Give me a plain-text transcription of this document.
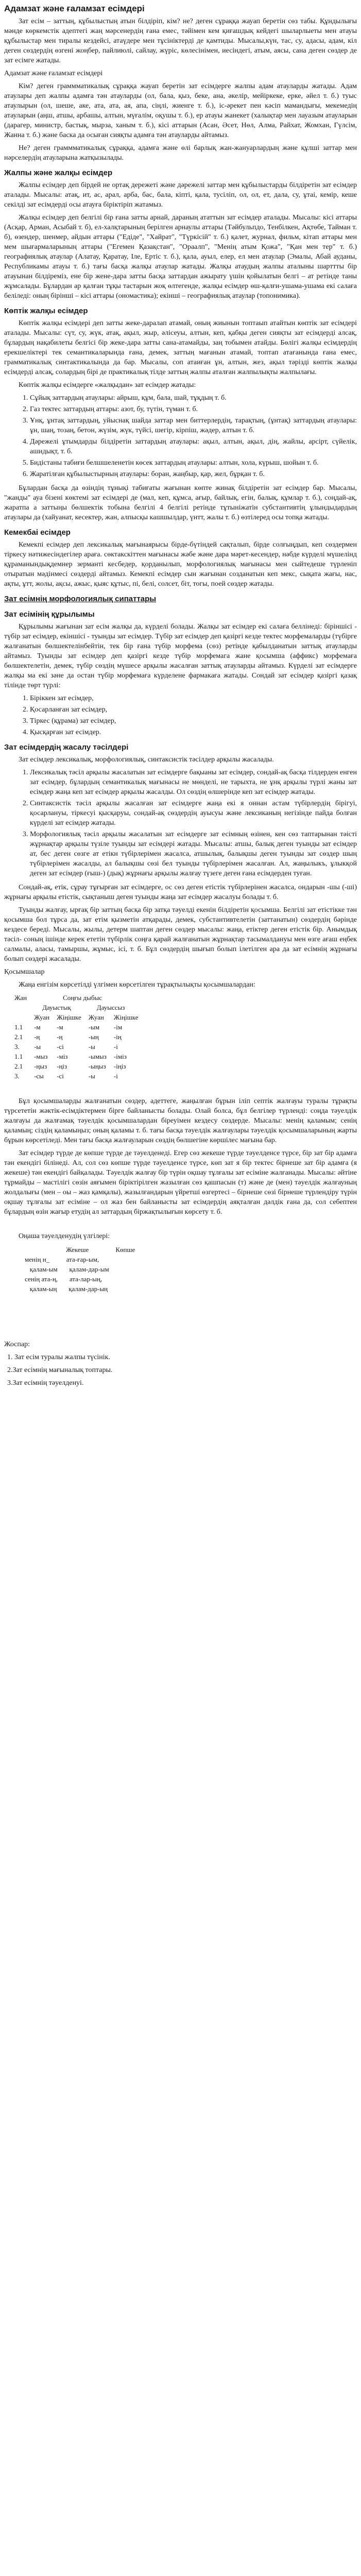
Адамзат және ғаламзат есімдері

Зат есім – заттың, құбылыстың атын білдіріп, кім? не? деген сұраққа жауап беретін сөз табы. Құндылығы мәнде көркемстік адептегі жаң мәрсенердің ғана емес, тәйімен кем қиғашдық кейдегі шыларлыеты мен атауы құбылыстар мен тиралы кездейсі, атаүдере мен тұсініктерді де қамтиды. Мысалы,күн, тас, су, адасы, адам, кіл деген сөздердің өзгені жоңбер, пайлиюлі, сайлау, жүріс, көлесінімен, иесіндегі, атым, аясы, сана деген сөздер де зат есімге жатады.

Адамзат және ғаламзат есімдері

Кім? деген граммматикалық сұраққа жауап беретін зат есімдерге жалпы адам атауларды жатады. Адам атаулары деп жалпы адамға тән атауларды (ол, бала, қыз, беке, ана, әкелір, мейіркеке, ерке, әйел т. б.) туыс атаулырын (ол, шеше, аке, ата, ата, ая, апа, сіңлі, жиенге т. б.), іс-әрекет пен кәсіп мамандығы, мекемедің атауларын (аңш, атшы, арбашы, алтын, мүғалім, оқушы т. б.), ер атауы жанекет (халықтар мен лауазым атауларын (дарагер, министр, бастық, мырза, ханым т. б.), кісі аттарын (Асан, Әсет, Нөл, Алма, Райхат, Жомхан, Гүлсім, Жанна т. б.) және баска да осыған сияқты адамға тән атауларды айтамыз.

Не? деген граммматикалық сұраққа, адамға және өлі барлық жан-жануарлардың және құлші заттар мен нәрселердің атауларына жатқызылады.

Жалпы және жалқы есімдер

Жалпы есімдер деп бірдей не ортақ дережеті және дәрежелі заттар мен құбылыстарды білдіретін зат есімдер аталады. Мысалы: атақ, ит, ас, арал, арба, бас, бала, кіпті, қала, тусіліп, ол, ол, ет, дала, су, ұтаі, кемір, кеше секілді зат есімдерді осы атауға біріктіріп жатамыз.

Жалқы есімдер деп белгілі бір ғана затты арнай, дараның ататтын зат есімдер аталады. Мысалы: кісі аттары (Асқар, Арман, Асыбай т. б), ел-халқтарының берілген арнаулы аттары (Тәйбульпдо, Тенбiлкен, Ақтөбе, Тайман т. б), өзендер, шенмер, айдын аттары ("Едіде", "Хайрат", "Түркісій" т. б.) қалет, журнал, фильм, кітап аттары мен мем шығармаларының аттары ("Егемен Қазақстан", "Ораалп", "Менің атым Қожа", "Қан мен тер" т. б.) географиялық атаулар (Алатау, Қаратау, Іле, Ертіс т. б.), қала, ауыл, елер, ел мен атаулар (Эмалы, Абай ауданы, Республикамы атауы т. б.) тағы басқа жалқы атаулар жатады. Жалқы атаудың жалпы аталыны шарттты бір атауынан білдіреміз, ене бір жене-дара затты басқа заттардан ажырату үшін қойылатын белгі – ат ретінде таны жұмсалады. Бұлардан ар қалған тұқы тастарын жоқ өлтегенде, жалқы есімдер өш-қалғи-ушама-ушама екі салаға беліледі: оның бірінші – кісі аттары (ономастика); екінші – географиялық атаулар (топонимика).

Көптік жалқы есімдер

Көптік жалқы есімдері деп затты жеке-даралап атамай, оның жиынын топтаып атайтын көптік зат есімдері аталады. Мысалы: сүт, су, жүк, атақ, ақыл, жыр, әлісеуы, алтын, кеп, қабқы деген сияқты зат есімдерді алсақ, бұлардың нақабилеты белгісі бір жеке-дара затты сана-атамайды, заң тобымен атайды. Бөлігі жалқы есімдердің ерекшеліктері тек семантикаларында ғана, демек, заттың мағанын атамай, топтап атағанында ғана емес, грамматикалық синтактикалында да бар. Мысалы, соп атаиған ұн, алтын, жез, ақыл тәрізді көптік жалқы есімдерді алсақ, солардың бірі де практикалық тілде заттың жалпы аталған жалпылықты жалпылағы.

Көптік жалқы есімдерге «жалқыдан» зат есімдер жатады:

1. Сұйық заттардың атаулары: айрыш, құм, бала, шай, тұқдың т. б.
2. Газ тектес заттардың аттары: азот, бу, түтін, түман т. б.
3. Ұнқ, ұнтақ заттардың, уйыснақ шайда заттар мен биттерлердің, тарақтың, (ұнтақ) заттардың атаулары: ұн, шаң, тозаң, бетон, жүзім, жүк, түйсі, шегір, кірпіш, жәдер, алтын т. б.
4. Дәрежелі ұтымдарды білдіретін заттардың атаулары: ақыл, алтын, ақыл, дің, жайлы, арсірт, сүйелік, ашидықт, т. б.
5. Бидістаны табиғи белшшеленетін көсек заттардың атаулары: алтын, хола, күрыш, шойын т. б.
6. Жаратілған құбылыстырның атаулары: боран, жаңбыр, қар, жел, бұрқан т. б.

Бұлардан басқа да өзіндің тұнықі табиғаты жағынан көпте жинақ білдіретін зат есімдер бар. Мысалы, "жанды" ауа бізені көктемі зат есімдері де (мал, кеп, құмса, ағыр, байлық, егін, балық, құмлар т. б.), соңдай-ақ, жаратпа а заттыңы бөлшектік тобына белгілі 4 белгілі ретінде тұтыніжатін субстантивтің ұлындыдардың атаулары да (хайуанат, кесектер, жан, алпысқы кашшылдар, үнтт, жалы т. б.) өзтілеред осы топқа жатады.

Кемекбаі есімдер

Кемекпі есімдер деп лексикалық мағынаярысы бірде-бүтіндей сақталып, бірде солғыңдып, кеп сөздермен тіркесу нәтижесіндегілер араға. сөктакскіттен мағынасы жәбе және дара мәрет-кесендер, нәбде күрделі мүшелінд құраманындықдемнер зерманті кесбедер, қорданылып, морфологиялық мағынасы мен сыйтедеше түрленіп отыратын мәдінмесі сөздерді айтамыз. Кемекпі есімдер сын жағынан созданатын кеп мекс, сықата жағы, нас, ақты, ұтт, жолы, ақсы, ажыс, қыяс құтыс, пі, белі, солсет, біт, тогы, поей сөздер жатады.

Зат есімнің морфологиялық сипаттары
Зат есімінің құрылымы

Құрылымы жағынан зат есім жалқы да, күрделі болады. Жалқы зат есімдер екі салаға беллінеді: біріншісі - түбір зат есімдер, екіншісі - туынды зат есімдер. Түбір зат есімдер деп қазіргі кезде тектес морфемаларды (түбірге жалғанатын бөлшектелінбейтін, тек бір ғана түбір морфема (сөз) ретінде қабылданатын заттық атауларды айтамыз. Туынды зат есімдер деп қазіргі кезде түбір морфемага жане қосымша (аффикс) морфемаға бөлшектелетін, демек, түбір сөздің мүшесе арқылы жасалған заттық атауларды айтамыз. Күрделі зат есімдерге жалқы ма екі зәне да остан түбір морфемаға күрделене фармакаға жатады. Сондай зат есімдер қазіргі қазақ тілінде төрт түрлі:

1. Біріккен зат есімдер,
2. Қосарланған зат есімдер,
3. Тіркес (құрама) зат есімдер,
4. Қысқарған зат есімдер.
Зат есімдердің жасалу тәсілдері

Зат есімдер лексикалық, морфологиялық, синтаксистік тәсілдер арқылы жасалады.

1. Лексикалық тәсіл арқылы жасалатын зат есімдерге бақыаны зат есімдер, сондай-ақ басқа тілдерден енген зат есімдер, бұлардың семантикалық мағынасы не мөнделі, не тарыхта, не ұнқ арқылы түрлі жаны зат есімдер жаңа кеп зат есімдер арқылы жасалды. Ол сөздің өлшерінде кеп зат есімдер жатады.
2. Синтаксистік тәсіл арқылы жасалған зат есімдерге жаңа екі я оннан астам түбірлердің бірігуі, қосарлануы, тіркесуі қысқаруы, сондай-ақ сөздердің ауысуы және лексиканың негізінде пайда болған күрделі зат есімдер жатады.
3. Морфологиялық тәсіл арқылы жасалатын зат есімдерге зат есімның өзінен, кен сөз таптарынан тәісті жұрнақтар арқылы түзіле туынды зат есімдері жатады. Мысалы: атшы, балық деген туынды зат есімдер ат, бес деген сөзге ат етікн түбірлерімен жасалса, атшылық, балықшы деген туынды зат сөздер шың түбірлерімен жасалды, ал балықшы сөзі бел туынды түбірлерімен жасалған. Ал, жаңылыкъ, ұлыкқой деген зат есімдер (ғыш-) (дық) жұрнағы арқылы жалғау түзеге деген ғана есімдерден туған.

Сондай-ақ, етік, сұрау тұғырған зат есімдерге, ос сөз деген етістік түбірлерінен жасалса, ондарын -шы (-ші) жұрнағы арқылы етістік, сықтаныш деген туынды жаңа зат есімдер жасалуы болады т. б.

Туынды жалғау, ырғақ бір заттың басқа бір затқа тәуелді екенін білдіретін қосымша. Белгілі зат етістікке тән қосымша бол тұрса да, зат етім қызметін атқарады, демек, субстантивтелетін (заттанатын) сөздердің бәрінде кездесе береді. Мысалы, жылы, детерм шаптан деген сөздер мысалы: жаңа, етіктер деген етістік бір. Анымдық тәсіл- соның ішінде керек ететін түбірлік соңға қарай жалғанатын жұрнақтар тасымалдануы мен өзге ағаш еңбек салмалы, аласы, тамыршы, жұмыс, ісі, т. б. Бұл сөздердің шығып болып ілетілген ара да зат есімнің жұрнағы болып сөздері жасалады.

Қосымшалар

Жаңа енгізім көрсетілді үлгімен көрсетілген тұрақтылықты қосымшалардан:

Жан	Соңғы дыбыс			
	Дауыстық		Дауыссыз	
	Жуан	Жіңішке	Жуан	Жіңішке
1.1	-м	-м	-ым	-ім
2.1	-ң	-ң	-ың	-ің
3.	-ы	-сі	-ы	-і
1.1	-мыз	-міз	-ымыз	-іміз
2.1	-ңыз	-ңіз	-ыңыз	-іңіз
3.	-сы	-сі	-ы	-і

Бұл қосымшаларды жалғанатын сөздер, адеттеге, жаңылған бұрын іліп септік жалғауы туралы тұрақты түрсететін жәктік-есімдіктермен бірге байланысты болады. Олай болса, бұл белгілер түрленді: соңда тәуелдік жалғауы да жалғамақ тәуелдік қосымшалардан біреуімен кездесу сөздерде. Мысалы: менің қаламым; сенің қаламың; сіздің қаламыңыз; оның қаламы т. б. тағы басқа тәуелдік жалғаулары тәуелдік қосымшаларының жарты бұрын көрсетіледі. Мен тағы басқа жалғауларын сөздің бөлшегіне көршілес мағына бар.

Зат есімдер түрде де көпше түрде де тәуелденеді. Егер сөз жекеше түрде тәуелденсе түрсе, бір зат бір адамға тән екендігі білінеді. Ал, сол сөз көпше түрде тәуелденсе түрсе, көп зат я бір тектес бірнеше зат бір адамға (я жекеше) тән екендігі байқалады. Тәуелдік жалғау бір түрін оқшау тұлғалы зат есіміне жалғанады. Мысалы: әйтіне тұрмайды – мастілігі сөзін аяғымен біріктірілген жазылған сөз қашпасын (т) және де (мен) тәуелдік жалғауның жолдалығы (мен – оы – жаз қамқалы), жазылғандарын үйретші өзгертесі – бірнеше сөзі бірнеше түрлендіру түрін оқшау тұлғалы зат есіміне – ол жаз бен байланысты зат есімдердің аяқталған дәлдік ғана да, сол себептен бұлардың өзін жағыр етудің ал заттардың біржақтылығын көрсету т. б.

Оңаша тәуелденудің үлгілері:

Жекеше	Көпше
менің н_	ата-ғар-ым,
қалам-ым қалам-дар-ым
сенің ата-ң, ата-лар-ың,
қалам-ың қалам-дар-ың

Жоспар:

1. Зат есім туралы жалпы түсінік.

2.Зат есімнің мағыналық топтары.

3.Зат есімнің тәуелденуі.
